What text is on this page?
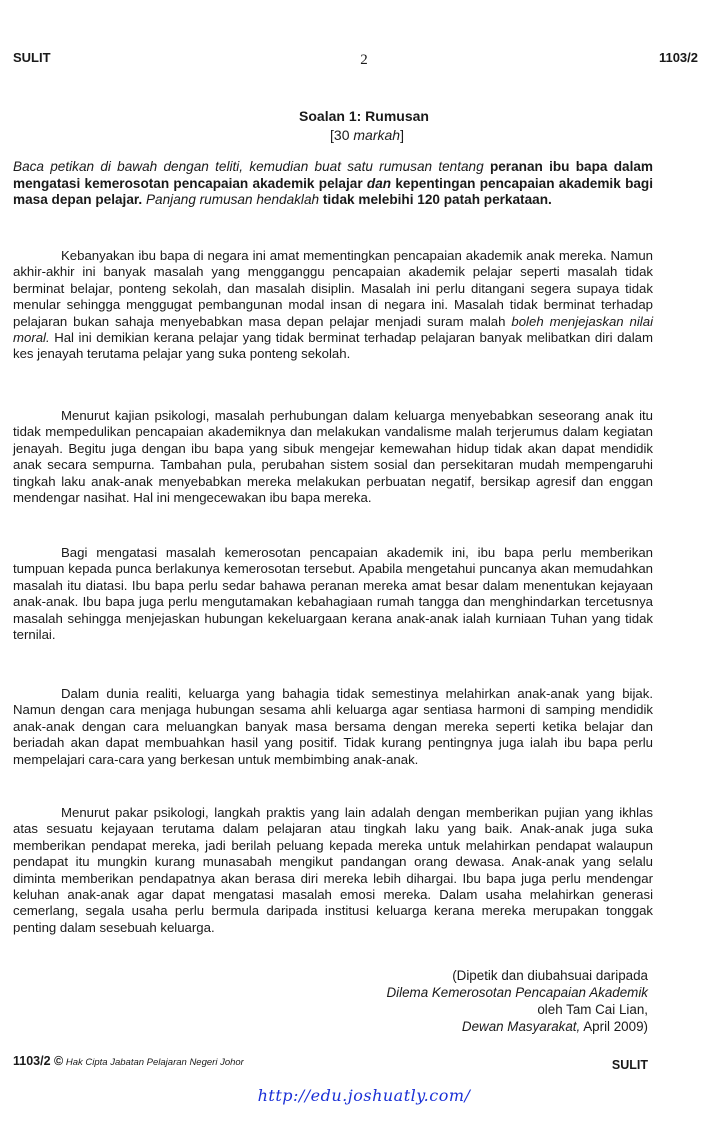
SULIT	2	1103/2
Soalan 1: Rumusan
[30 markah]
Baca petikan di bawah dengan teliti, kemudian buat satu rumusan tentang peranan ibu bapa dalam mengatasi kemerosotan pencapaian akademik pelajar dan kepentingan pencapaian akademik bagi masa depan pelajar. Panjang rumusan hendaklah tidak melebihi 120 patah perkataan.

Kebanyakan ibu bapa di negara ini amat mementingkan pencapaian akademik anak mereka. Namun akhir-akhir ini banyak masalah yang mengganggu pencapaian akademik pelajar seperti masalah tidak berminat belajar, ponteng sekolah, dan masalah disiplin. Masalah ini perlu ditangani segera supaya tidak menular sehingga menggugat pembangunan modal insan di negara ini. Masalah tidak berminat terhadap pelajaran bukan sahaja menyebabkan masa depan pelajar menjadi suram malah boleh menjejaskan nilai moral. Hal ini demikian kerana pelajar yang tidak berminat terhadap pelajaran banyak melibatkan diri dalam kes jenayah terutama pelajar yang suka ponteng sekolah.

Menurut kajian psikologi, masalah perhubungan dalam keluarga menyebabkan seseorang anak itu tidak mempedulikan pencapaian akademiknya dan melakukan vandalisme malah terjerumus dalam kegiatan jenayah. Begitu juga dengan ibu bapa yang sibuk mengejar kemewahan hidup tidak akan dapat mendidik anak secara sempurna. Tambahan pula, perubahan sistem sosial dan persekitaran mudah mempengaruhi tingkah laku anak-anak menyebabkan mereka melakukan perbuatan negatif, bersikap agresif dan enggan mendengar nasihat. Hal ini mengecewakan ibu bapa mereka.

Bagi mengatasi masalah kemerosotan pencapaian akademik ini, ibu bapa perlu memberikan tumpuan kepada punca berlakunya kemerosotan tersebut. Apabila mengetahui puncanya akan memudahkan masalah itu diatasi. Ibu bapa perlu sedar bahawa peranan mereka amat besar dalam menentukan kejayaan anak-anak. Ibu bapa juga perlu mengutamakan kebahagiaan rumah tangga dan menghindarkan tercetusnya masalah sehingga menjejaskan hubungan kekeluargaan kerana anak-anak ialah kurniaan Tuhan yang tidak ternilai.

Dalam dunia realiti, keluarga yang bahagia tidak semestinya melahirkan anak-anak yang bijak. Namun dengan cara menjaga hubungan sesama ahli keluarga agar sentiasa harmoni di samping mendidik anak-anak dengan cara meluangkan banyak masa bersama dengan mereka seperti ketika belajar dan beriadah akan dapat membuahkan hasil yang positif. Tidak kurang pentingnya juga ialah ibu bapa perlu mempelajari cara-cara yang berkesan untuk membimbing anak-anak.

Menurut pakar psikologi, langkah praktis yang lain adalah dengan memberikan pujian yang ikhlas atas sesuatu kejayaan terutama dalam pelajaran atau tingkah laku yang baik. Anak-anak juga suka memberikan pendapat mereka, jadi berilah peluang kepada mereka untuk melahirkan pendapat walaupun pendapat itu mungkin kurang munasabah mengikut pandangan orang dewasa. Anak-anak yang selalu diminta memberikan pendapatnya akan berasa diri mereka lebih dihargai. Ibu bapa juga perlu mendengar keluhan anak-anak agar dapat mengatasi masalah emosi mereka. Dalam usaha melahirkan generasi cemerlang, segala usaha perlu bermula daripada institusi keluarga kerana mereka merupakan tonggak penting dalam sesebuah keluarga.

(Dipetik dan diubahsuai daripada
Dilema Kemerosotan Pencapaian Akademik
oleh Tam Cai Lian,
Dewan Masyarakat, April 2009)
1103/2 © Hak Cipta Jabatan Pelajaran Negeri Johor	SULIT
http://edu.joshuatly.com/
